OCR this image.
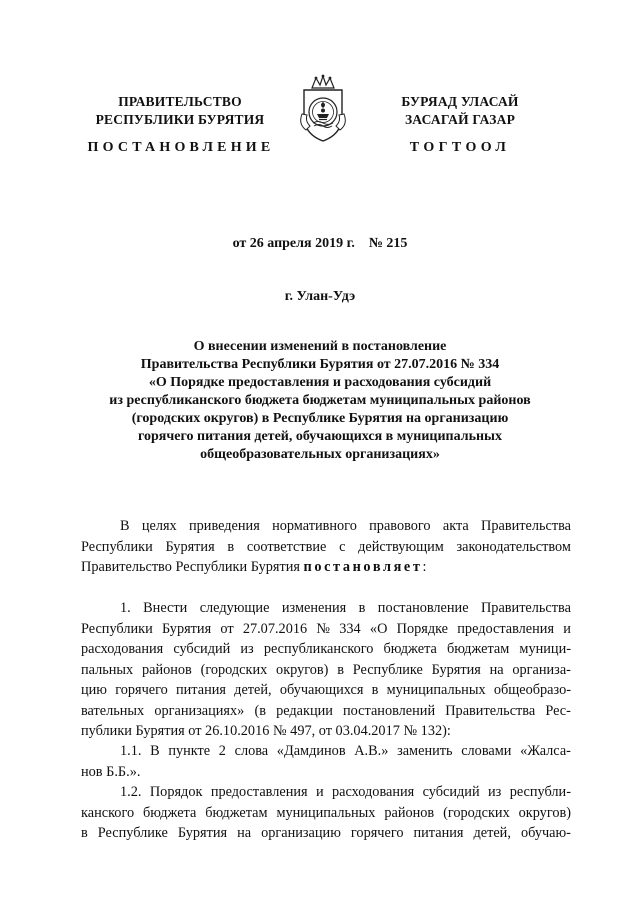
ПРАВИТЕЛЬСТВО
РЕСПУБЛИКИ БУРЯТИЯ
БУРЯАД УЛАСАЙ
ЗАСАГАЙ ГАЗАР
ПОСТАНОВЛЕНИЕ	ТОГТООЛ
от 26 апреля 2019 г. № 215
г. Улан-Удэ
О внесении изменений в постановление
Правительства Республики Бурятия от 27.07.2016 № 334
«О Порядке предоставления и расходования субсидий
из республиканского бюджета бюджетам муниципальных районов
(городских округов) в Республике Бурятия на организацию
горячего питания детей, обучающихся в муниципальных
общеобразовательных организациях»
В целях приведения нормативного правового акта Правительства
Республики Бурятия в соответствие с действующим законодательством
Правительство Республики Бурятия
постановляет :
1. Внести следующие изменения в постановление Правительства
Республики Бурятия от 27.07.2016 № 334 «О Порядке предоставления и
расходования субсидий из республиканского бюджета бюджетам муници-
пальных районов (городских округов) в Республике Бурятия на организа-
цию горячего питания детей, обучающихся в муниципальных общеобразо-
вательных организациях» (в редакции постановлений Правительства Рес-
публики Бурятия от 26.10.2016 № 497, от 03.04.2017 № 132):
1.1. В пункте 2 слова «Дамдинов А.В.» заменить словами «Жалса-
нов Б.Б.».
1.2. Порядок предоставления и расходования субсидий из республи-
канского бюджета бюджетам муниципальных районов (городских округов)
в Республике Бурятия на организацию горячего питания детей, обучаю-
